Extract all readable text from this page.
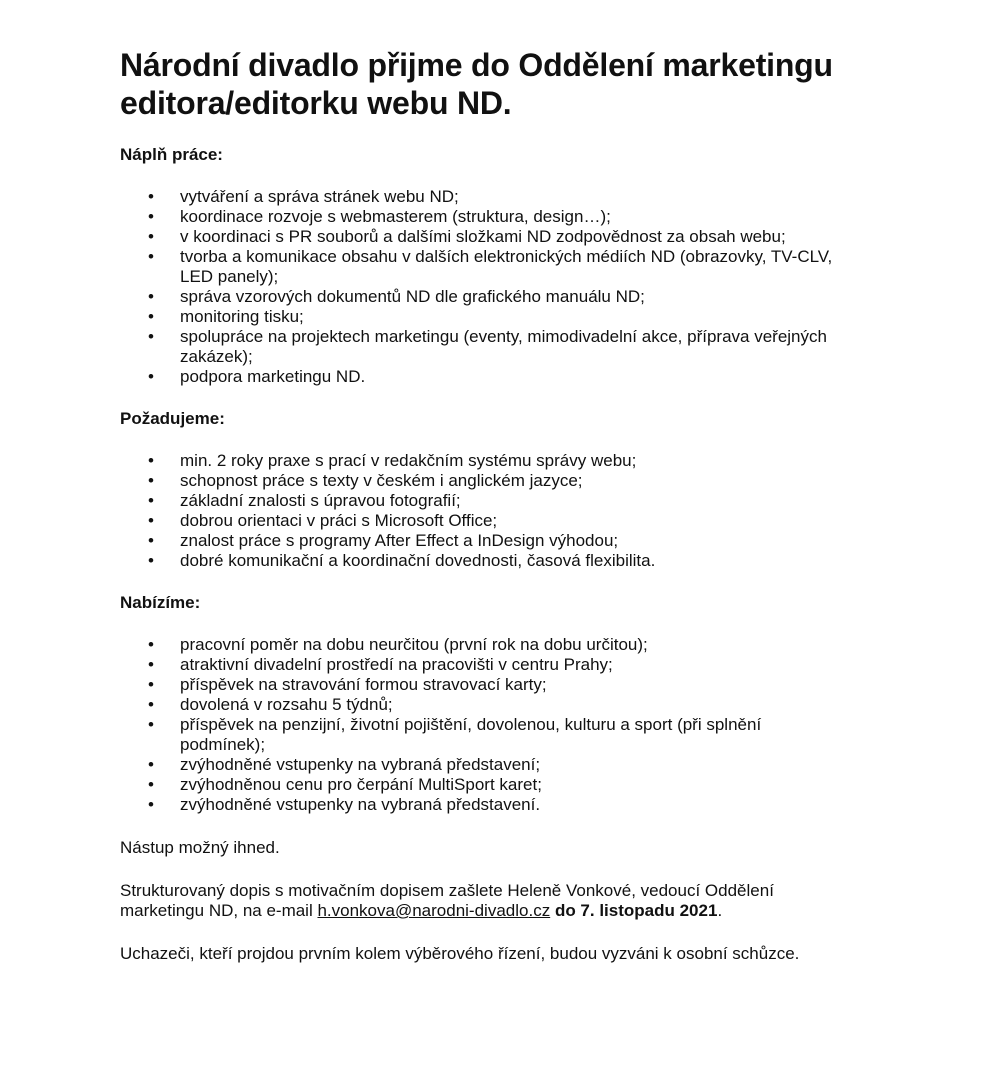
Národní divadlo přijme do Oddělení marketingu editora/editorku webu ND.
Náplň práce:
•	vytváření a správa stránek webu ND;
•	koordinace rozvoje s webmasterem (struktura, design…);
•	v koordinaci s PR souborů a dalšími složkami ND zodpovědnost za obsah webu;
•	tvorba a komunikace obsahu v dalších elektronických médiích ND (obrazovky, TV-CLV, LED panely);
•	správa vzorových dokumentů ND dle grafického manuálu ND;
•	monitoring tisku;
•	spolupráce na projektech marketingu (eventy, mimodivadelní akce, příprava veřejných zakázek);
•	podpora marketingu ND.
Požadujeme:
•	min. 2 roky praxe s prací v redakčním systému správy webu;
•	schopnost práce s texty v českém i anglickém jazyce;
•	základní znalosti s úpravou fotografií;
•	dobrou orientaci v práci s Microsoft Office;
•	znalost práce s programy After Effect a InDesign výhodou;
•	dobré komunikační a koordinační dovednosti, časová flexibilita.
Nabízíme:
•	pracovní poměr na dobu neurčitou (první rok na dobu určitou);
•	atraktivní divadelní prostředí na pracovišti v centru Prahy;
•	příspěvek na stravování formou stravovací karty;
•	dovolená v rozsahu 5 týdnů;
•	příspěvek na penzijní, životní pojištění, dovolenou, kulturu a sport (při splnění podmínek);
•	zvýhodněné vstupenky na vybraná představení;
•	zvýhodněnou cenu pro čerpání MultiSport karet;
•	zvýhodněné vstupenky na vybraná představení.

Nástup možný ihned.

Strukturovaný dopis s motivačním dopisem zašlete Heleně Vonkové, vedoucí Oddělení marketingu ND, na e-mail h.vonkova@narodni-divadlo.cz do 7. listopadu 2021.

Uchazeči, kteří projdou prvním kolem výběrového řízení, budou vyzváni k osobní schůzce.
